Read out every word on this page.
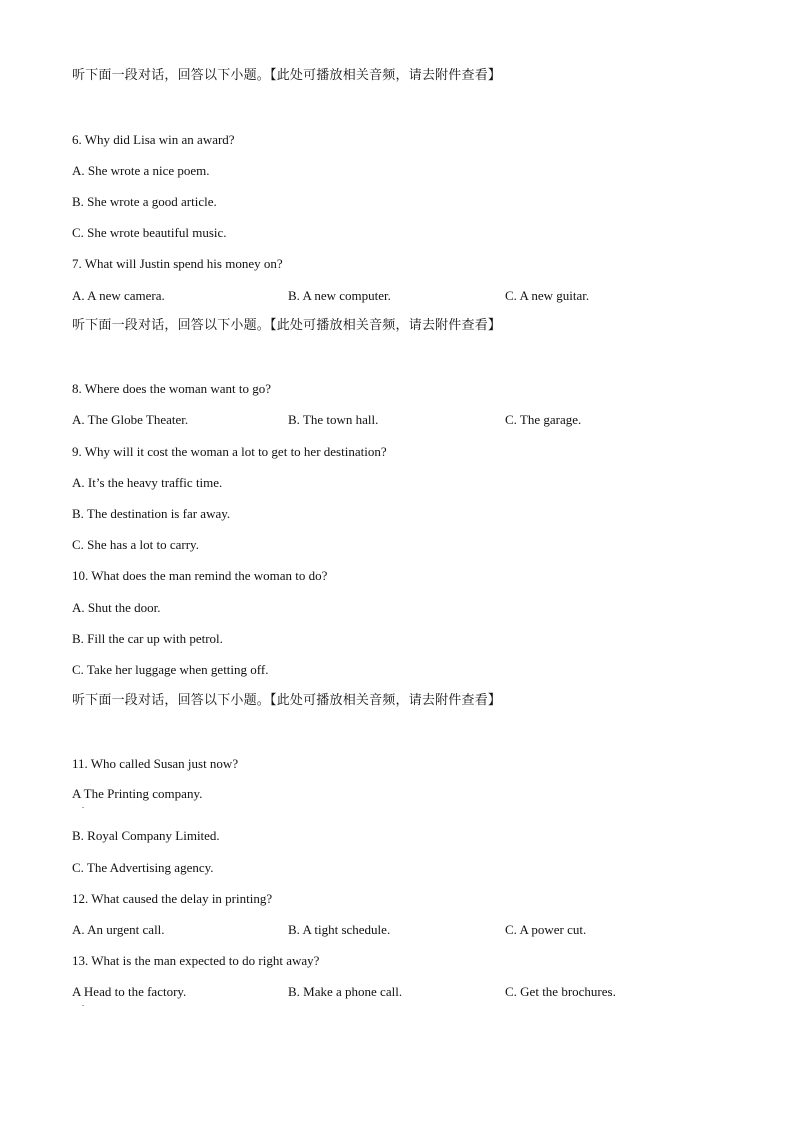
听下面一段对话，回答以下小题。【此处可播放相关音频，请去附件查看】
6. Why did Lisa win an award?
A. She wrote a nice poem.
B. She wrote a good article.
C. She wrote beautiful music.
7. What will Justin spend his money on?
A. A new camera.	B. A new computer.	C. A new guitar.
听下面一段对话，回答以下小题。【此处可播放相关音频，请去附件查看】
8. Where does the woman want to go?
A. The Globe Theater.	B. The town hall.	C. The garage.
9. Why will it cost the woman a lot to get to her destination?
A. It’s the heavy traffic time.
B. The destination is far away.
C. She has a lot to carry.
10. What does the man remind the woman to do?
A. Shut the door.
B. Fill the car up with petrol.
C. Take her luggage when getting off.
听下面一段对话，回答以下小题。【此处可播放相关音频，请去附件查看】
11. Who called Susan just now?
A The Printing company.
.
B. Royal Company Limited.
C. The Advertising agency.
12. What caused the delay in printing?
A. An urgent call.	B. A tight schedule.	C. A power cut.
13. What is the man expected to do right away?
A Head to the factory.
.
B. Make a phone call.	C. Get the brochures.
